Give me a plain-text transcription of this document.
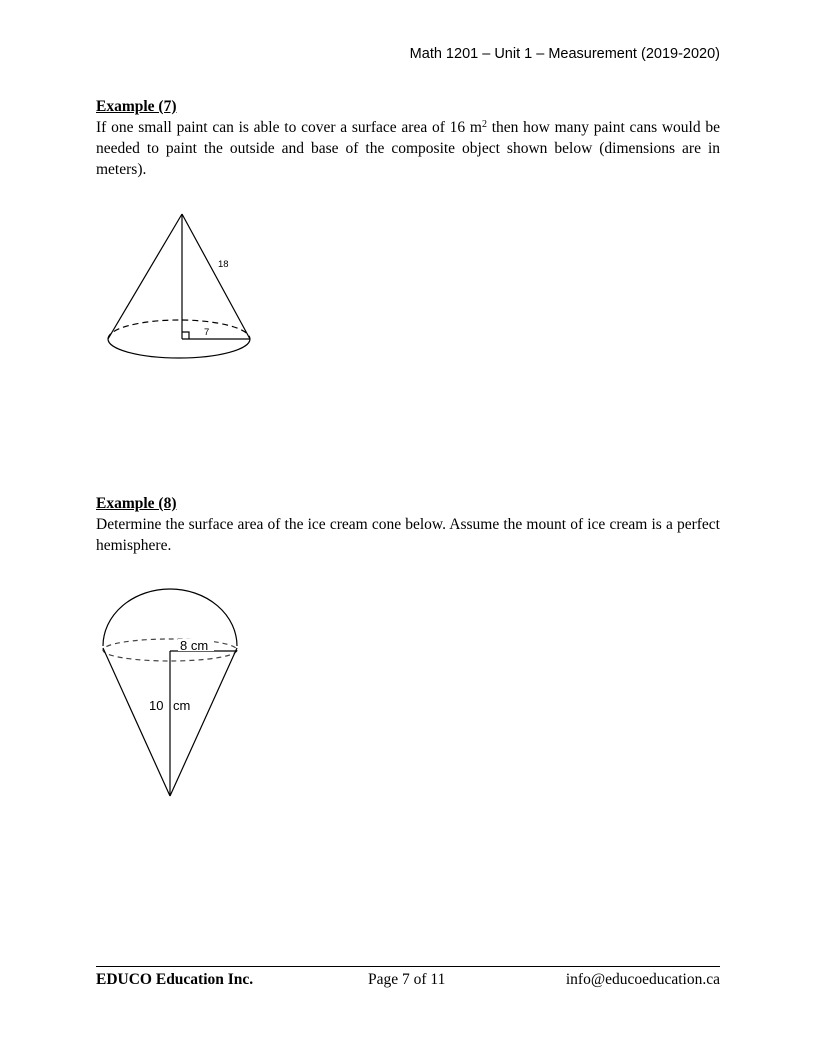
Math 1201 – Unit 1 – Measurement (2019-2020)
Example (7)
If one small paint can is able to cover a surface area of 16 $m^2$ then how many paint cans would be needed to paint the outside and base of the composite object shown below (dimensions are in meters).
18
7
8 cm
10 cm
Example (8)
Determine the surface area of the ice cream cone below. Assume the mount of ice cream is a perfect hemisphere.
EDUCO Education Inc.	Page 7 of 11	info@educoeducation.ca
